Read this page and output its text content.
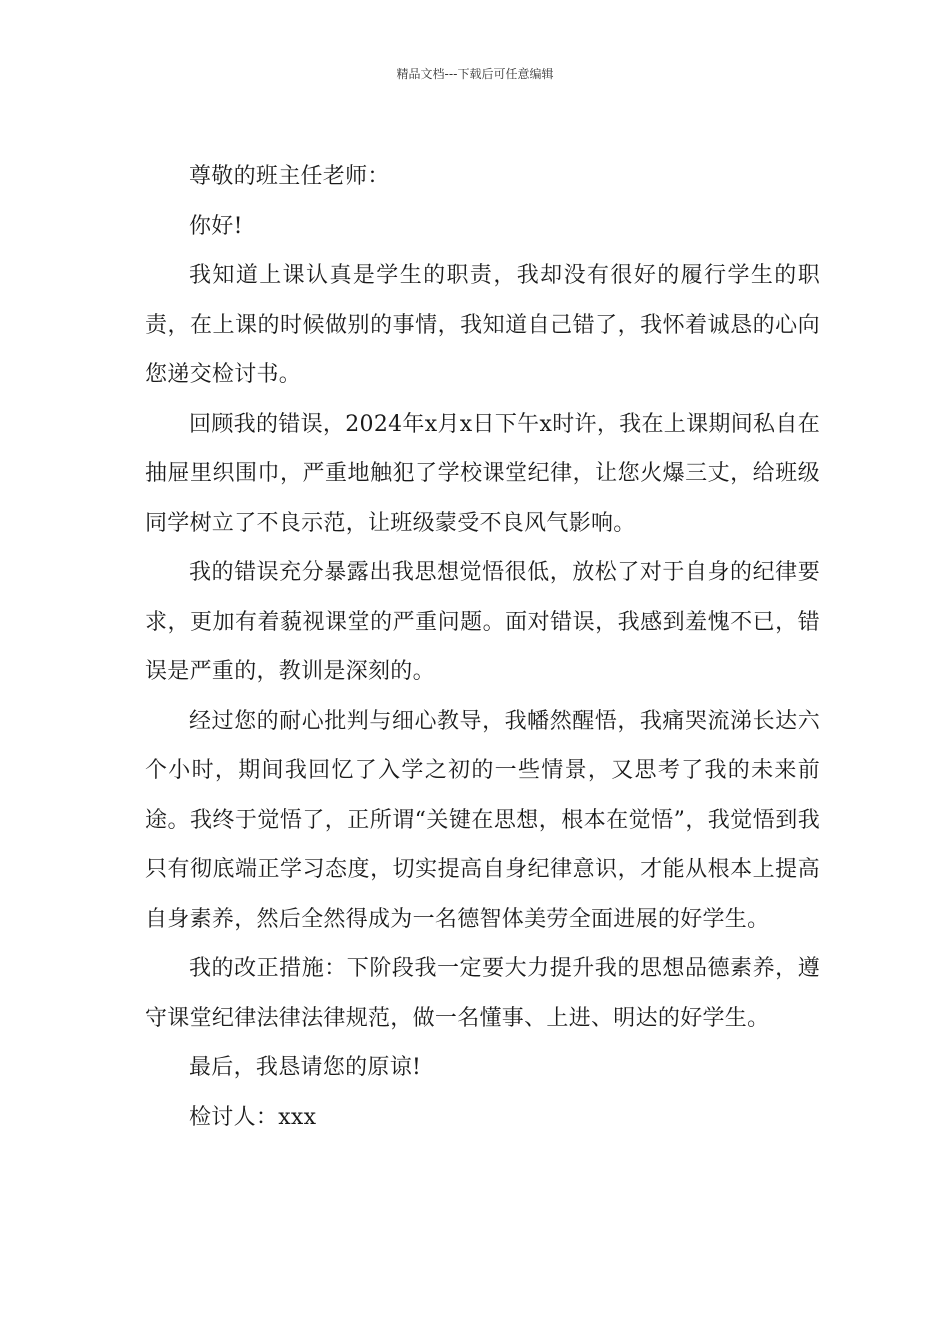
精品文档---下载后可任意编辑

尊敬的班主任老师：

你好!

我知道上课认真是学生的职责，我却没有很好的履行学生的职责，在上课的时候做别的事情，我知道自己错了，我怀着诚恳的心向您递交检讨书。

回顾我的错误，2024年x月x日下午x时许，我在上课期间私自在抽屉里织围巾，严重地触犯了学校课堂纪律，让您火爆三丈，给班级同学树立了不良示范，让班级蒙受不良风气影响。

我的错误充分暴露出我思想觉悟很低，放松了对于自身的纪律要求，更加有着藐视课堂的严重问题。面对错误，我感到羞愧不已，错误是严重的，教训是深刻的。

经过您的耐心批判与细心教导，我幡然醒悟，我痛哭流涕长达六个小时，期间我回忆了入学之初的一些情景，又思考了我的未来前途。我终于觉悟了，正所谓“关键在思想，根本在觉悟”，我觉悟到我只有彻底端正学习态度，切实提高自身纪律意识，才能从根本上提高自身素养，然后全然得成为一名德智体美劳全面进展的好学生。

我的改正措施：下阶段我一定要大力提升我的思想品德素养，遵守课堂纪律法律法律规范，做一名懂事、上进、明达的好学生。

最后，我恳请您的原谅!

检讨人：xxx
